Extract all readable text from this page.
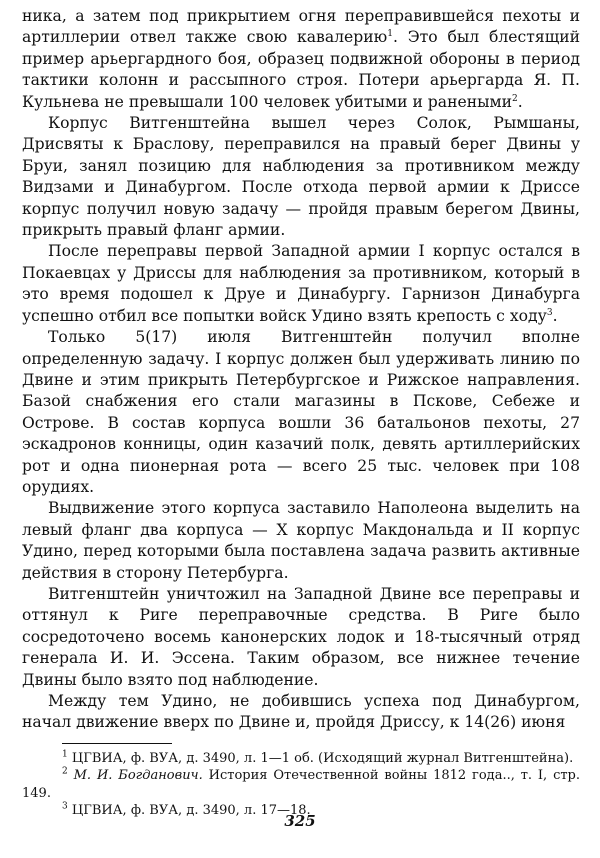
ника, а затем под прикрытием огня переправившейся пехоты и артиллерии отвел также свою кавалерию$^1$. Это был блестящий пример арьергардного боя, образец подвижной обороны в период тактики колонн и рассыпного строя. Потери арьергарда Я. П. Кульнева не превышали 100 человек убитыми и ранеными$^2$.

Корпус Витгенштейна вышел через Солок, Рымшаны, Дрисвяты к Браслову, переправился на правый берег Двины у Бруи, занял позицию для наблюдения за противником между Видзами и Динабургом. После отхода первой армии к Дриссе корпус получил новую задачу — пройдя правым берегом Двины, прикрыть правый фланг армии.

После переправы первой Западной армии I корпус остался в Покаевцах у Дриссы для наблюдения за противником, который в это время подошел к Друе и Динабургу. Гарнизон Динабурга успешно отбил все попытки войск Удино взять крепость с ходу$^3$.

Только 5(17) июля Витгенштейн получил вполне определенную задачу. I корпус должен был удерживать линию по Двине и этим прикрыть Петербургское и Рижское направления. Базой снабжения его стали магазины в Пскове, Себеже и Острове. В состав корпуса вошли 36 батальонов пехоты, 27 эскадронов конницы, один казачий полк, девять артиллерийских рот и одна пионерная рота — всего 25 тыс. человек при 108 орудиях.

Выдвижение этого корпуса заставило Наполеона выделить на левый фланг два корпуса — X корпус Макдональда и II корпус Удино, перед которыми была поставлена задача развить активные действия в сторону Петербурга.

Витгенштейн уничтожил на Западной Двине все переправы и оттянул к Риге переправочные средства. В Риге было сосредоточено восемь канонерских лодок и 18-тысячный отряд генерала И. И. Эссена. Таким образом, все нижнее течение Двины было взято под наблюдение.

Между тем Удино, не добившись успеха под Динабургом, начал движение вверх по Двине и, пройдя Дриссу, к 14(26) июня

$^1$ ЦГВИА, ф. ВУА, д. 3490, л. 1—1 об. (Исходящий журнал Витгенштейна).

$^2$ М. И. Богданович. История Отечественной войны 1812 года.., т. I, стр. 149.

$^3$ ЦГВИА, ф. ВУА, д. 3490, л. 17—18.

325
